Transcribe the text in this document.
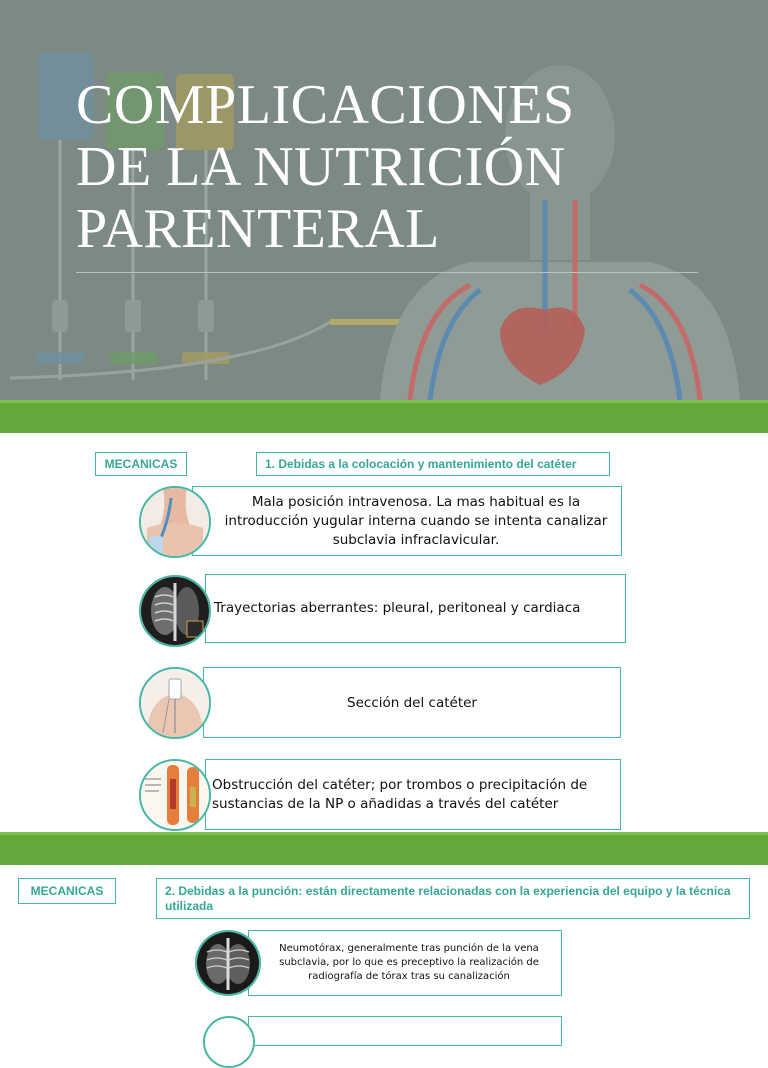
COMPLICACIONES
DE LA NUTRICIÓN
PARENTERAL
MECANICAS	1. Debidas a la colocación y mantenimiento del catéter
Mala posición intravenosa. La mas habitual es la introducción yugular interna cuando se intenta canalizar subclavia infraclavicular.
Trayectorias aberrantes: pleural, peritoneal y cardiaca
Sección del catéter
Obstrucción del catéter; por trombos o precipitación de sustancias de la NP o añadidas a través del catéter
MECANICAS	2. Debidas a la punción: están directamente relacionadas con la experiencia del equipo y la técnica utilizada
Neumotórax, generalmente tras punción de la vena subclavia, por lo que es preceptivo la realización de radiografía de tórax tras su canalización
